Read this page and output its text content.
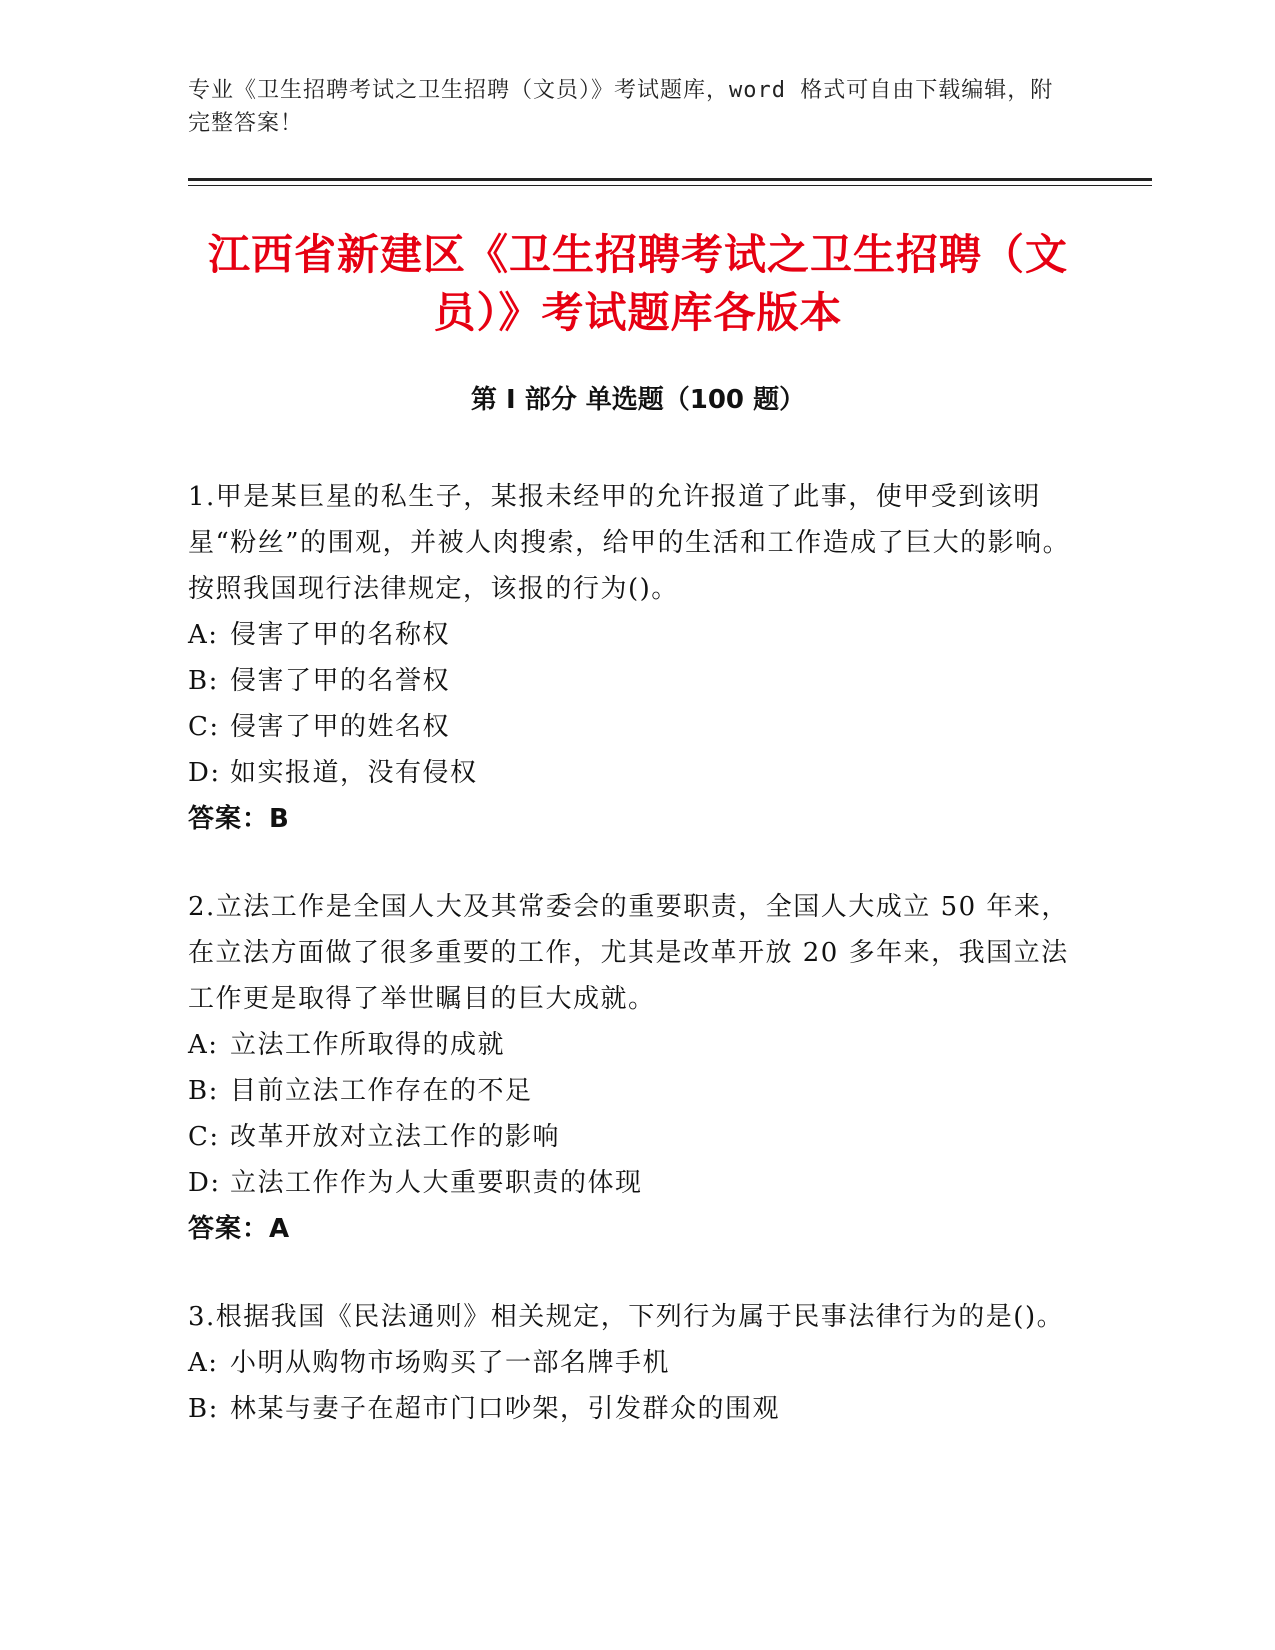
专业《卫生招聘考试之卫生招聘（文员）》考试题库，word 格式可自由下载编辑，附完整答案！
江西省新建区《卫生招聘考试之卫生招聘（文员）》考试题库各版本
第 I 部分 单选题（100 题）

1.甲是某巨星的私生子，某报未经甲的允许报道了此事，使甲受到该明星“粉丝”的围观，并被人肉搜索，给甲的生活和工作造成了巨大的影响。按照我国现行法律规定，该报的行为()。

A: 侵害了甲的名称权

B: 侵害了甲的名誉权

C: 侵害了甲的姓名权

D: 如实报道，没有侵权

答案：B

2.立法工作是全国人大及其常委会的重要职责，全国人大成立 50 年来，在立法方面做了很多重要的工作，尤其是改革开放 20 多年来，我国立法工作更是取得了举世瞩目的巨大成就。

A: 立法工作所取得的成就

B: 目前立法工作存在的不足

C: 改革开放对立法工作的影响

D: 立法工作作为人大重要职责的体现

答案：A

3.根据我国《民法通则》相关规定，下列行为属于民事法律行为的是()。

A: 小明从购物市场购买了一部名牌手机

B: 林某与妻子在超市门口吵架，引发群众的围观
